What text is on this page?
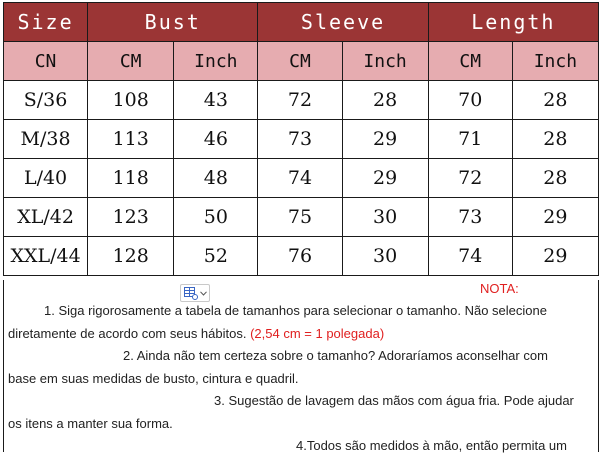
Size	Bust		Sleeve		Length	
CN	CM	Inch	CM	Inch	CM	Inch
S/36	108	43	72	28	70	28
M/38	113	46	73	29	71	28
L/40	118	48	74	29	72	28
XL/42	123	50	75	30	73	29
XXL/44	128	52	76	30	74	29
NOTA:
1. Siga rigorosamente a tabela de tamanhos para selecionar o tamanho. Não selecione
diretamente de acordo com seus hábitos. (2,54 cm = 1 polegada)
2. Ainda não tem certeza sobre o tamanho? Adoraríamos aconselhar com
base em suas medidas de busto, cintura e quadril.
3. Sugestão de lavagem das mãos com água fria. Pode ajudar
os itens a manter sua forma.
4.Todos são medidos à mão, então permita um
